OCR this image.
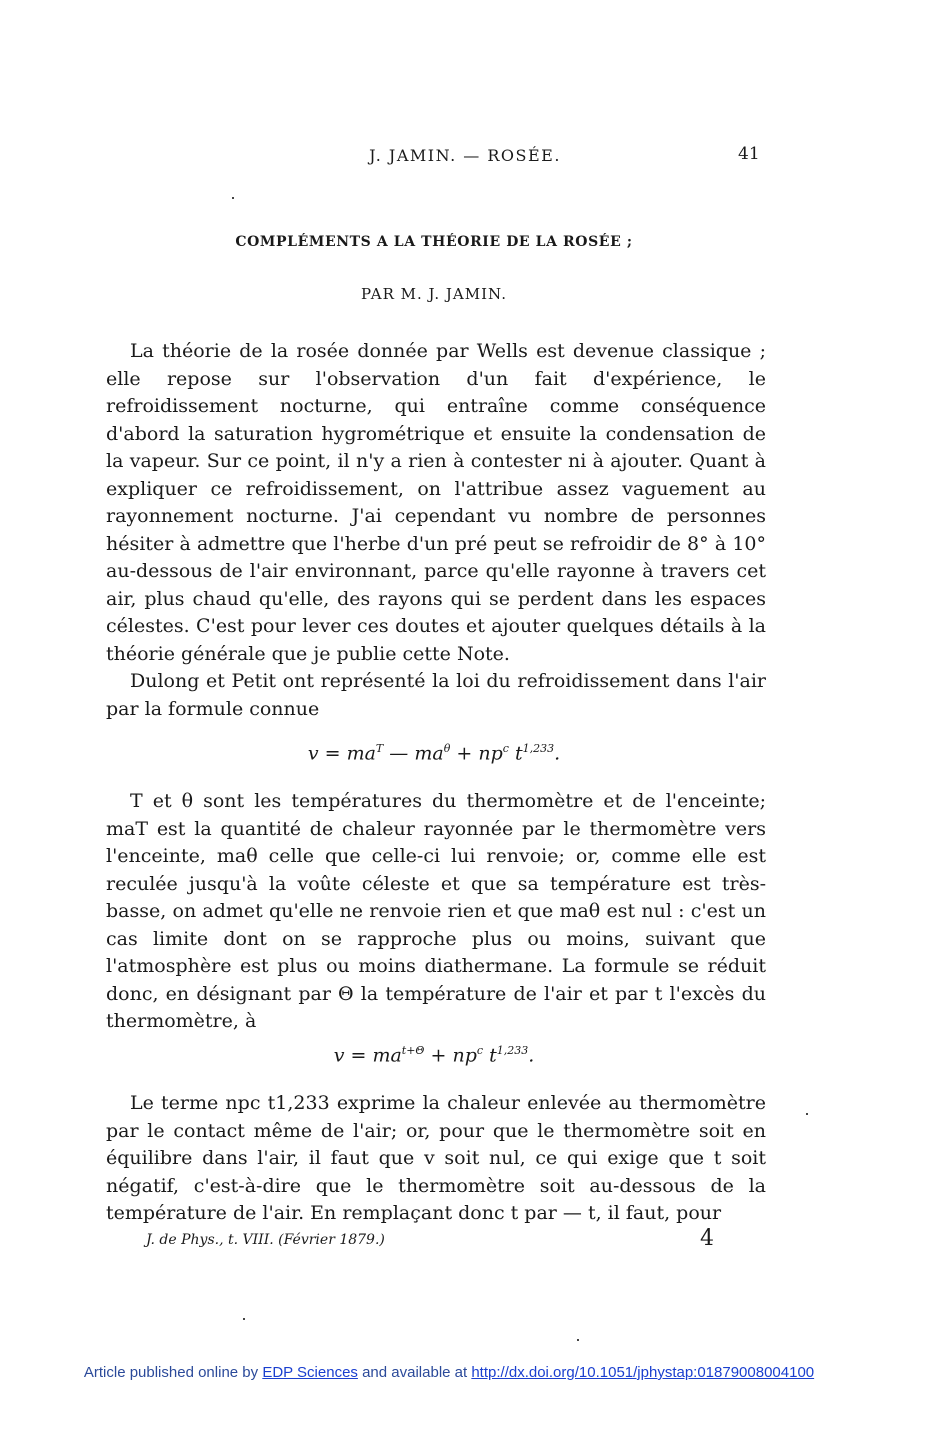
J. JAMIN. — ROSÉE.	41
COMPLÉMENTS A LA THÉORIE DE LA ROSÉE ;
PAR M. J. JAMIN.

La théorie de la rosée donnée par Wells est devenue classique ; elle repose sur l'observation d'un fait d'expérience, le refroidissement nocturne, qui entraîne comme conséquence d'abord la saturation hygrométrique et ensuite la condensation de la vapeur. Sur ce point, il n'y a rien à contester ni à ajouter. Quant à expliquer ce refroidissement, on l'attribue assez vaguement au rayonnement nocturne. J'ai cependant vu nombre de personnes hésiter à admettre que l'herbe d'un pré peut se refroidir de 8° à 10° au-dessous de l'air environnant, parce qu'elle rayonne à travers cet air, plus chaud qu'elle, des rayons qui se perdent dans les espaces célestes. C'est pour lever ces doutes et ajouter quelques détails à la théorie générale que je publie cette Note.

Dulong et Petit ont représenté la loi du refroidissement dans l'air par la formule connue

$v = ma^T$ — $ma^\theta + np^c$ $t^{1,233}$.

T et θ sont les températures du thermomètre et de l'enceinte; maT est la quantité de chaleur rayonnée par le thermomètre vers l'enceinte, maθ celle que celle-ci lui renvoie; or, comme elle est reculée jusqu'à la voûte céleste et que sa température est très-basse, on admet qu'elle ne renvoie rien et que maθ est nul : c'est un cas limite dont on se rapproche plus ou moins, suivant que l'atmosphère est plus ou moins diathermane. La formule se réduit donc, en désignant par Θ la température de l'air et par t l'excès du thermomètre, à

$v = ma^{t+\Theta} + np^c$ $t^{1,233}$.

Le terme npc t1,233 exprime la chaleur enlevée au thermomètre par le contact même de l'air; or, pour que le thermomètre soit en équilibre dans l'air, il faut que v soit nul, ce qui exige que t soit négatif, c'est-à-dire que le thermomètre soit au-dessous de la température de l'air. En remplaçant donc t par — t, il faut, pour

J. de Phys., t. VIII. (Février 1879.)	4
Article published online by EDP Sciences and available at http://dx.doi.org/10.1051/jphystap:01879008004100
